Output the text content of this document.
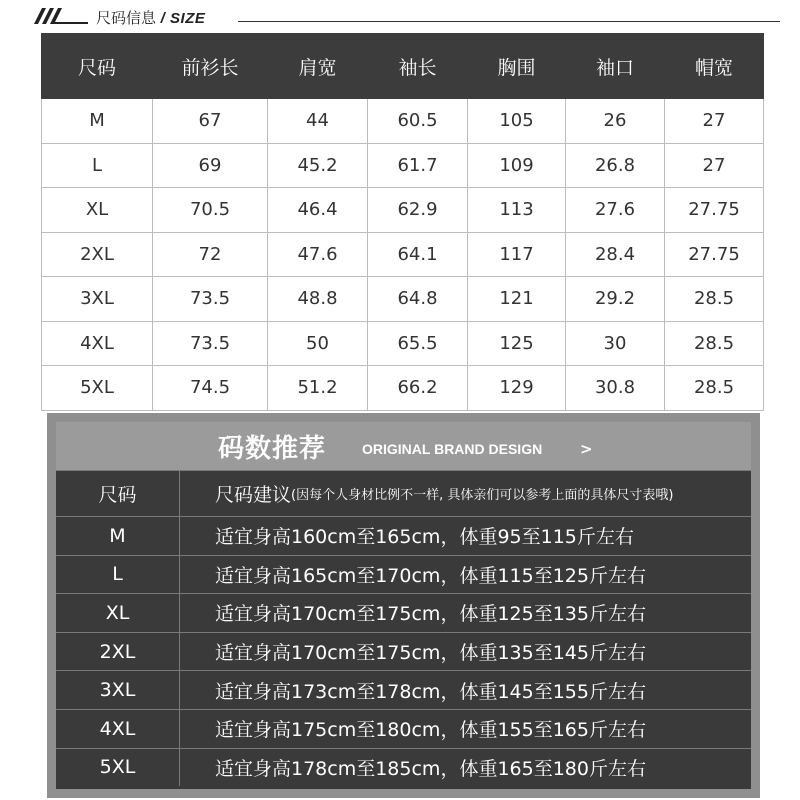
尺码信息 / SIZE
尺码	前衫长	肩宽	袖长	胸围	袖口	帽宽
M	67	44	60.5	105	26	27
L	69	45.2	61.7	109	26.8	27
XL	70.5	46.4	62.9	113	27.6	27.75
2XL	72	47.6	64.1	117	28.4	27.75
3XL	73.5	48.8	64.8	121	29.2	28.5
4XL	73.5	50	65.5	125	30	28.5
5XL	74.5	51.2	66.2	129	30.8	28.5
码数推荐	ORIGINAL BRAND DESIGN	>
尺码	尺码建议 (因每个人身材比例不一样, 具体亲们可以参考上面的具体尺寸表哦)
M	适宜身高160cm至165cm，体重95至115斤左右
L	适宜身高165cm至170cm，体重115至125斤左右
XL	适宜身高170cm至175cm，体重125至135斤左右
2XL	适宜身高170cm至175cm，体重135至145斤左右
3XL	适宜身高173cm至178cm，体重145至155斤左右
4XL	适宜身高175cm至180cm，体重155至165斤左右
5XL	适宜身高178cm至185cm，体重165至180斤左右
